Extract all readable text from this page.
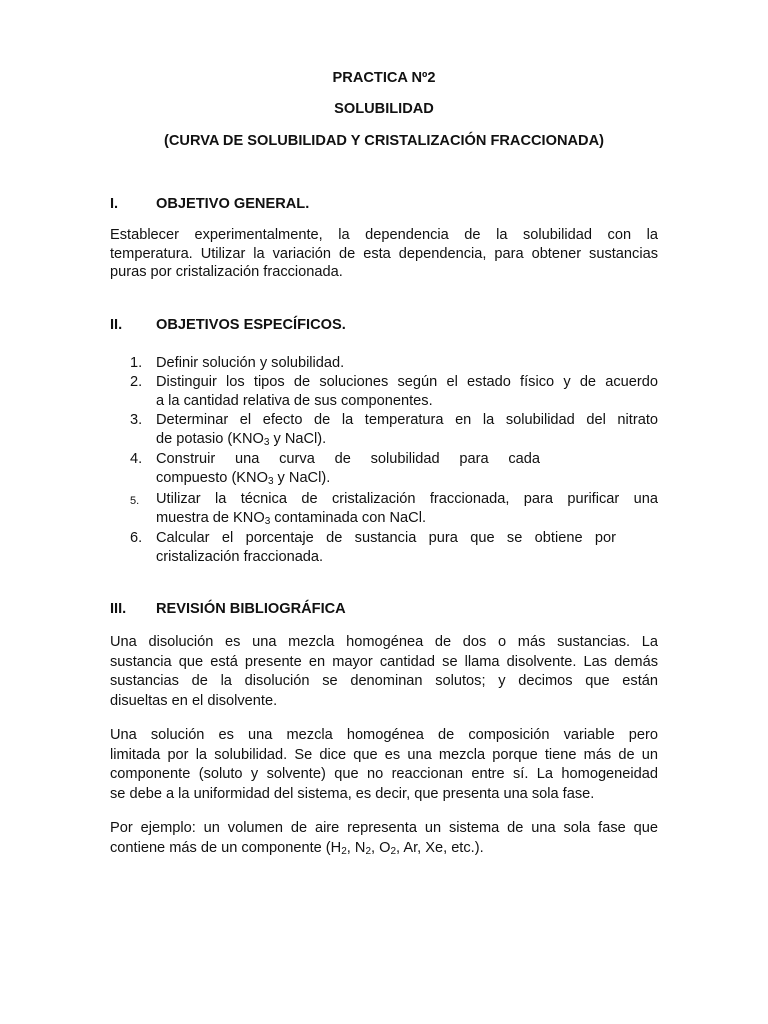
PRACTICA Nº2
SOLUBILIDAD
(CURVA DE SOLUBILIDAD Y CRISTALIZACIÓN FRACCIONADA)
I.	OBJETIVO GENERAL.
Establecer experimentalmente, la dependencia de la solubilidad con la
temperatura. Utilizar la variación de esta dependencia, para obtener sustancias
puras por cristalización fraccionada.
II. OBJETIVOS ESPECÍFICOS.
1. Definir solución y solubilidad.
2. Distinguir los tipos de soluciones según el estado físico y de acuerdo
a la cantidad relativa de sus componentes.
3. Determinar el efecto de la temperatura en la solubilidad del nitrato
de potasio ($KNO_3$ y NaCl).
4. Construir una curva de solubilidad para cada
compuesto ($KNO_3$ y NaCl).
5. Utilizar la técnica de cristalización fraccionada, para purificar una
muestra de $KNO_3$ contaminada con NaCl.
6. Calcular el porcentaje de sustancia pura que se obtiene por
cristalización fraccionada.
III. REVISIÓN BIBLIOGRÁFICA
Una disolución es una mezcla homogénea de dos o más sustancias. La
sustancia que está presente en mayor cantidad se llama disolvente. Las demás
sustancias de la disolución se denominan solutos; y decimos que están
disueltas en el disolvente.
Una solución es una mezcla homogénea de composición variable pero
limitada por la solubilidad. Se dice que es una mezcla porque tiene más de un
componente (soluto y solvente) que no reaccionan entre sí. La homogeneidad
se debe a la uniformidad del sistema, es decir, que presenta una sola fase.
Por ejemplo: un volumen de aire representa un sistema de una sola fase que
contiene más de un componente ($H_2$, $N_2$, $O_2$, Ar, Xe, etc.).
